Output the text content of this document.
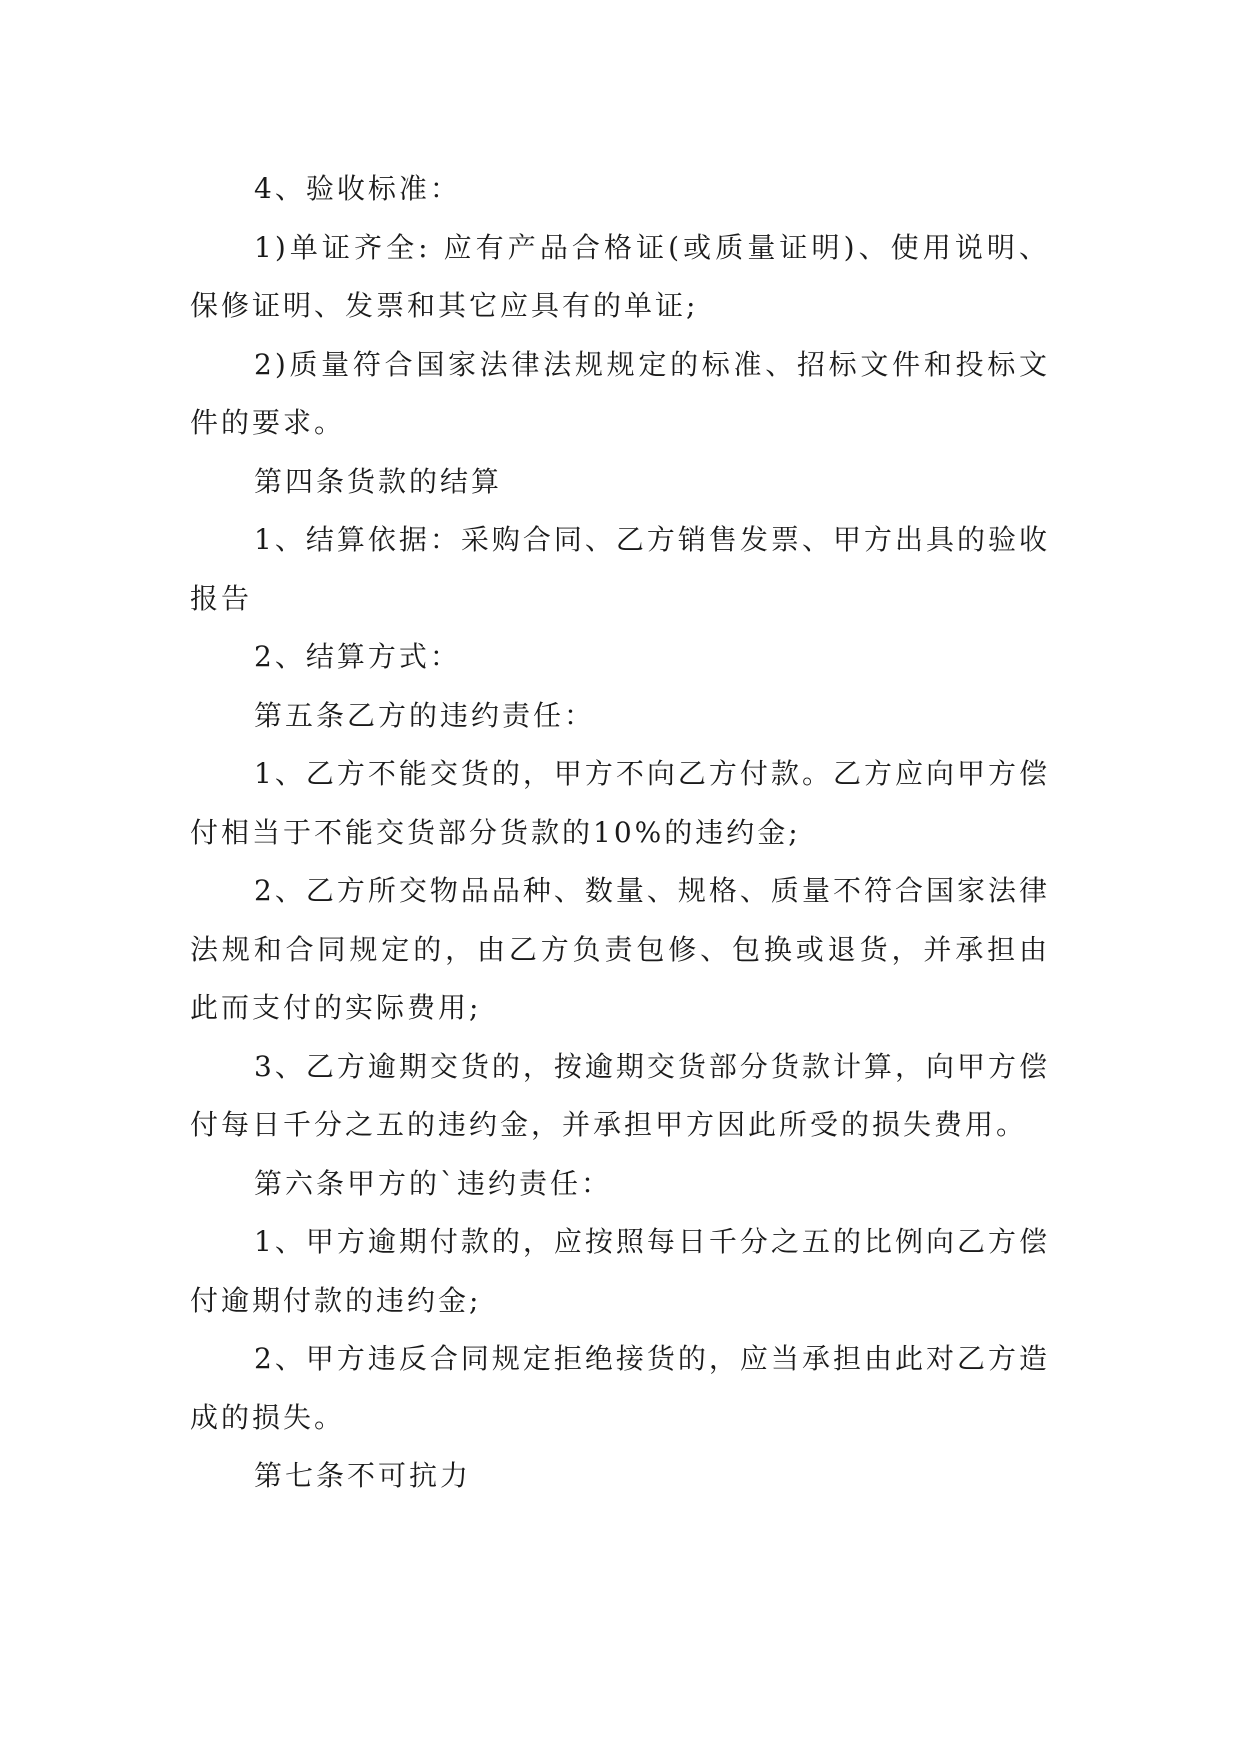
4、验收标准：

1)单证齐全: 应有产品合格证(或质量证明)、使用说明、保修证明、发票和其它应具有的单证;

2)质量符合国家法律法规规定的标准、招标文件和投标文件的要求。

第四条货款的结算

1、结算依据：采购合同、乙方销售发票、甲方出具的验收报告

2、结算方式：

第五条乙方的违约责任：

1、乙方不能交货的，甲方不向乙方付款。乙方应向甲方偿付相当于不能交货部分货款的10%的违约金;

2、乙方所交物品品种、数量、规格、质量不符合国家法律法规和合同规定的，由乙方负责包修、包换或退货，并承担由此而支付的实际费用;

3、乙方逾期交货的，按逾期交货部分货款计算，向甲方偿付每日千分之五的违约金，并承担甲方因此所受的损失费用。

第六条甲方的`违约责任：

1、甲方逾期付款的，应按照每日千分之五的比例向乙方偿付逾期付款的违约金;

2、甲方违反合同规定拒绝接货的，应当承担由此对乙方造成的损失。

第七条不可抗力
